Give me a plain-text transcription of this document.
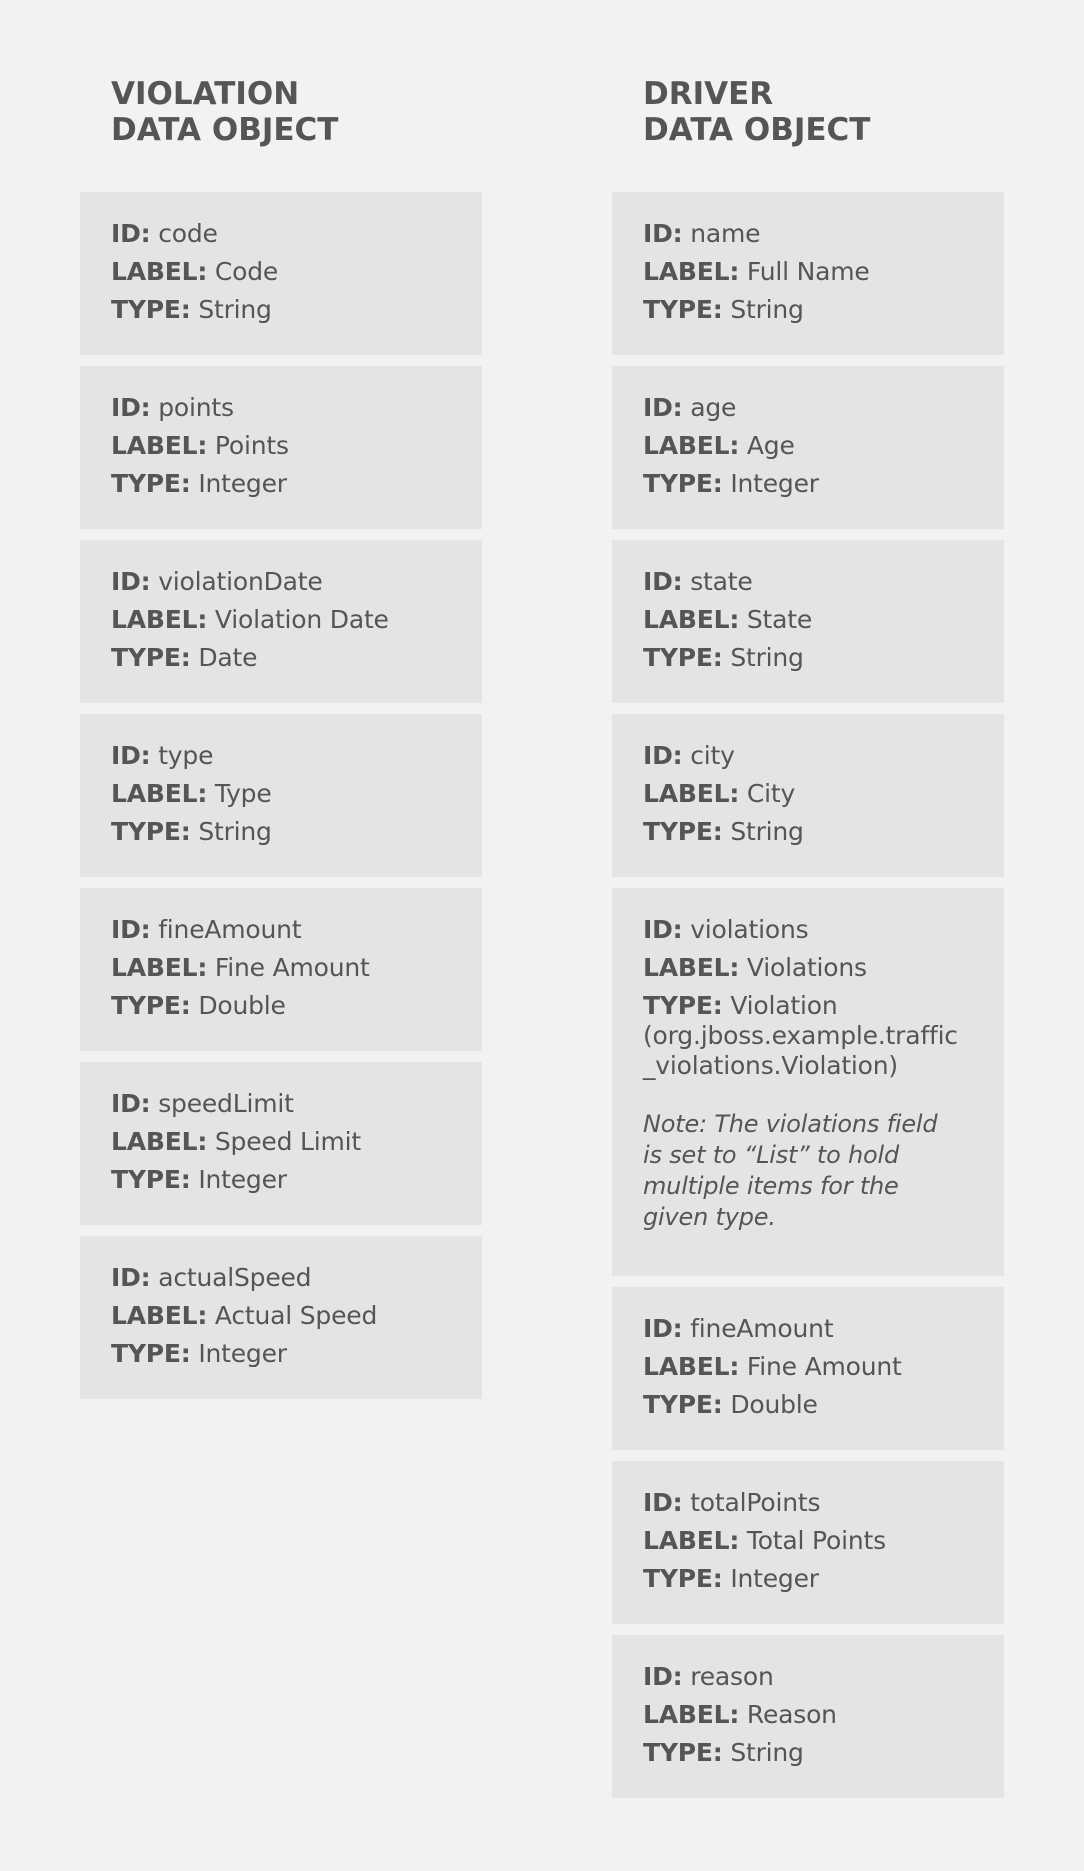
VIOLATION
DATA OBJECT
ID: code
LABEL: Code
TYPE: String
ID: points
LABEL: Points
TYPE: Integer
ID: violationDate
LABEL: Violation Date
TYPE: Date
ID: type
LABEL: Type
TYPE: String
ID: fineAmount
LABEL: Fine Amount
TYPE: Double
ID: speedLimit
LABEL: Speed Limit
TYPE: Integer
ID: actualSpeed
LABEL: Actual Speed
TYPE: Integer
DRIVER
DATA OBJECT
ID: name
LABEL: Full Name
TYPE: String
ID: age
LABEL: Age
TYPE: Integer
ID: state
LABEL: State
TYPE: String
ID: city
LABEL: City
TYPE: String
ID: violations
LABEL: Violations
TYPE: Violation (org.jboss.example.traffic _violations.Violation)
Note: The violations field is set to “List” to hold multiple items for the given type.
ID: fineAmount
LABEL: Fine Amount
TYPE: Double
ID: totalPoints
LABEL: Total Points
TYPE: Integer
ID: reason
LABEL: Reason
TYPE: String
